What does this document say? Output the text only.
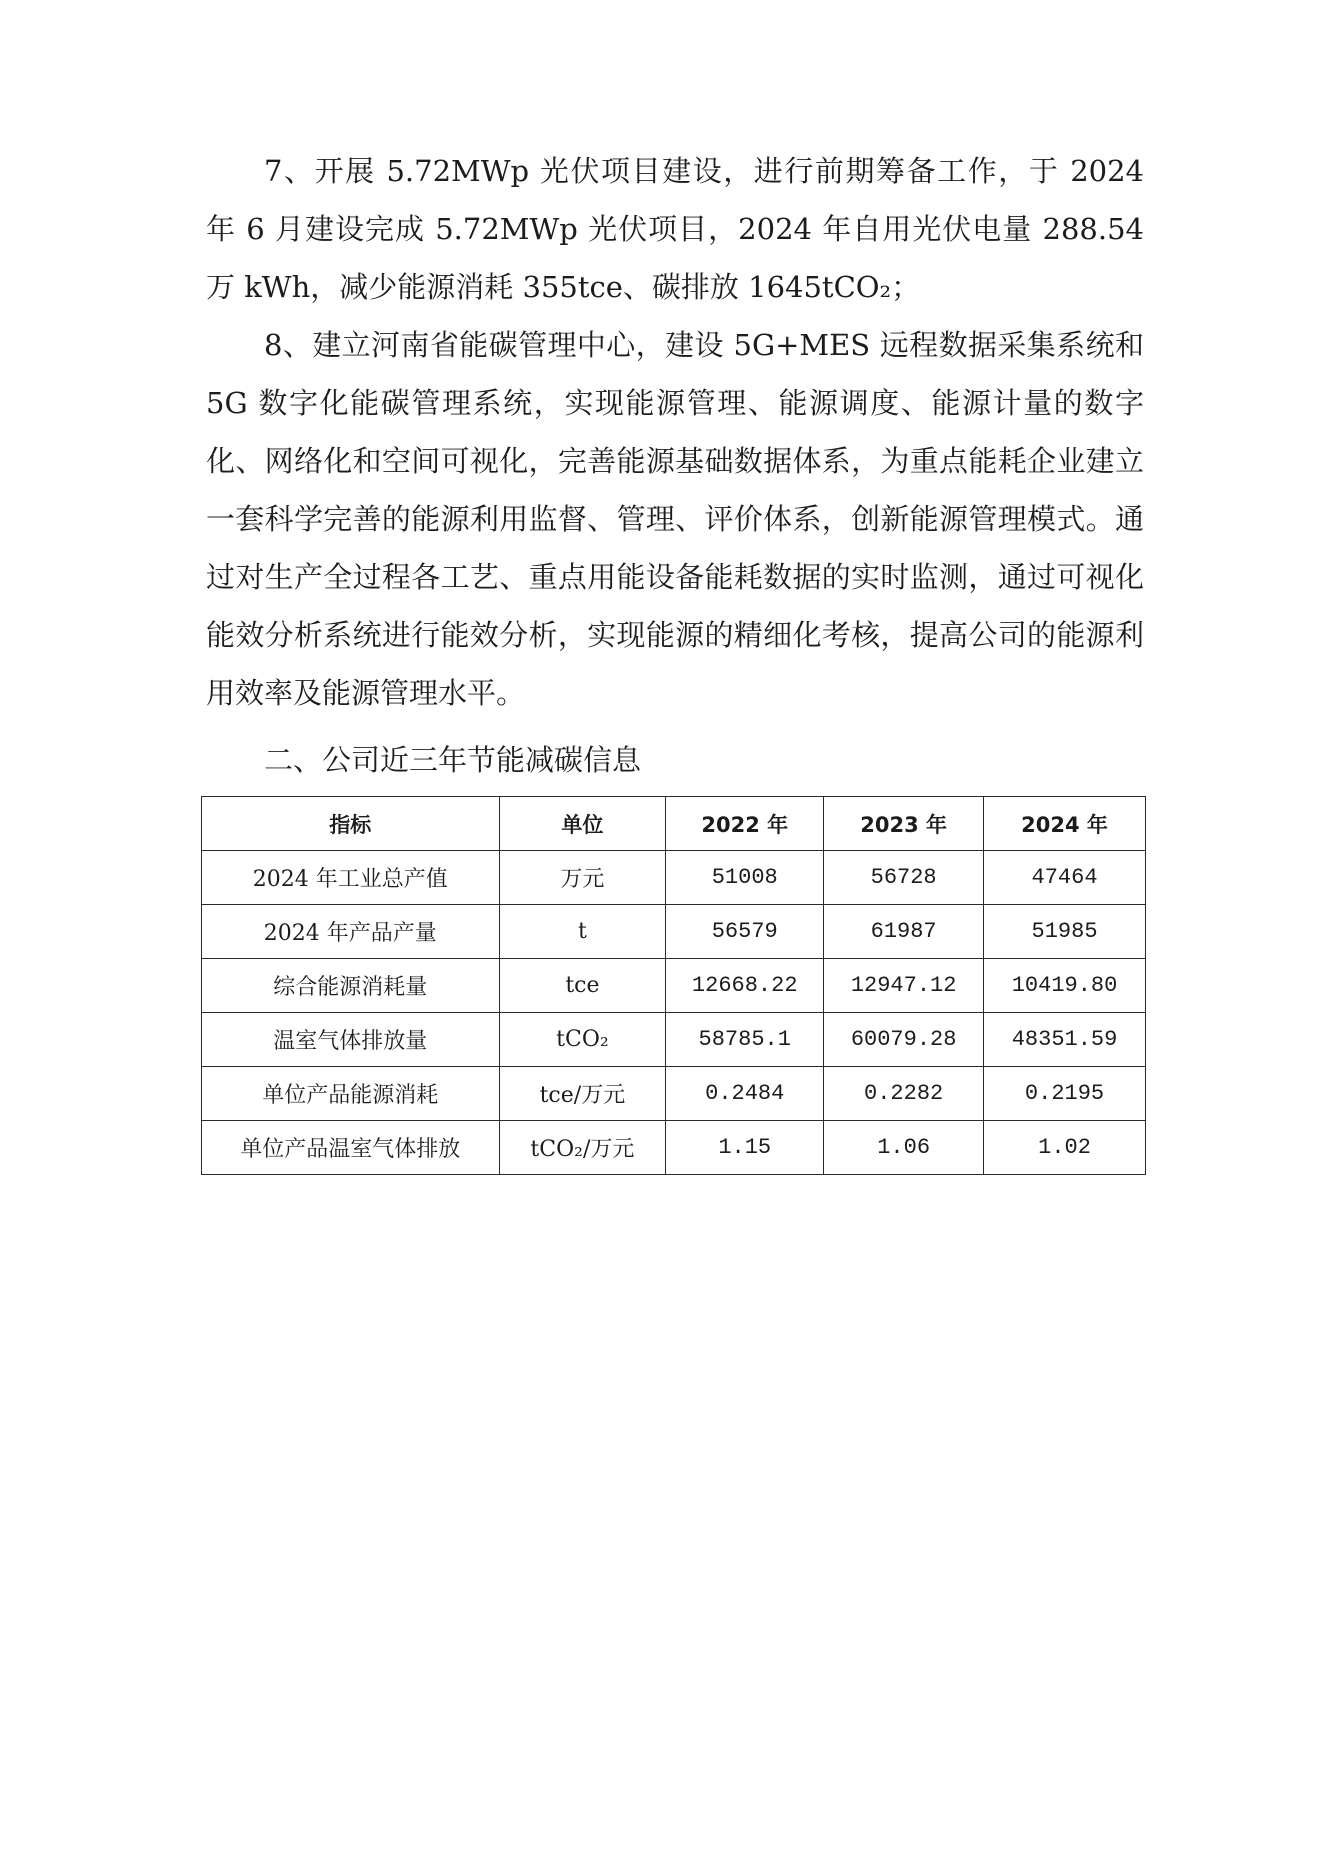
7、开展 5.72MWp 光伏项目建设，进行前期筹备工作，于 2024 年 6 月建设完成 5.72MWp 光伏项目，2024 年自用光伏电量 288.54 万 kWh，减少能源消耗 355tce、碳排放 1645tCO₂；

8、建立河南省能碳管理中心，建设 5G+MES 远程数据采集系统和 5G 数字化能碳管理系统，实现能源管理、能源调度、能源计量的数字化、网络化和空间可视化，完善能源基础数据体系，为重点能耗企业建立一套科学完善的能源利用监督、管理、评价体系，创新能源管理模式。通过对生产全过程各工艺、重点用能设备能耗数据的实时监测，通过可视化能效分析系统进行能效分析，实现能源的精细化考核，提高公司的能源利用效率及能源管理水平。

二、公司近三年节能减碳信息
指标	单位	2022 年	2023 年	2024 年
2024 年工业总产值	万元	51008	56728	47464
2024 年产品产量	t	56579	61987	51985
综合能源消耗量	tce	12668.22	12947.12	10419.80
温室气体排放量	tCO₂	58785.1	60079.28	48351.59
单位产品能源消耗	tce/万元	0.2484	0.2282	0.2195
单位产品温室气体排放	tCO₂/万元	1.15	1.06	1.02
